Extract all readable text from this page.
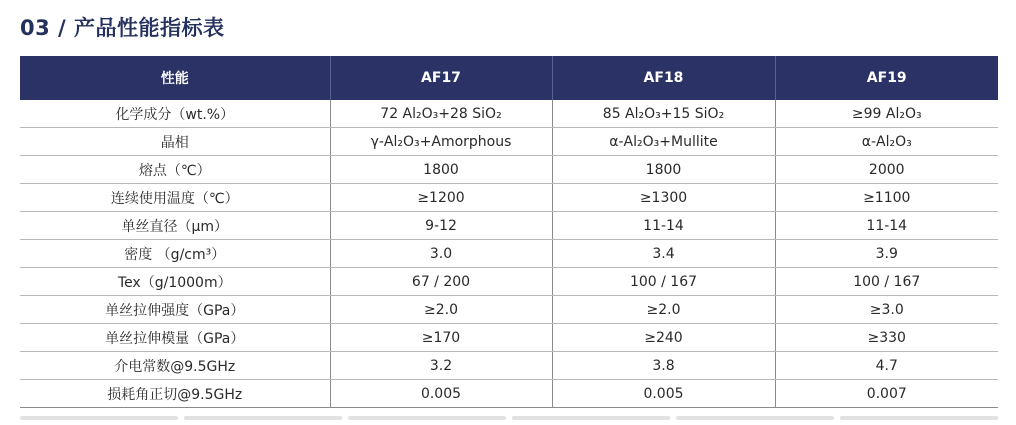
03 / 产品性能指标表
性能	AF17	AF18	AF19
化学成分（wt.%）	72 Al₂O₃+28 SiO₂	85 Al₂O₃+15 SiO₂	≥99 Al₂O₃
晶相	γ-Al₂O₃+Amorphous	α-Al₂O₃+Mullite	α-Al₂O₃
熔点（℃）	1800	1800	2000
连续使用温度（℃）	≥1200	≥1300	≥1100
单丝直径（μm）	9-12	11-14	11-14
密度 （g/cm³）	3.0	3.4	3.9
Tex（g/1000m）	67 / 200	100 / 167	100 / 167
单丝拉伸强度（GPa）	≥2.0	≥2.0	≥3.0
单丝拉伸模量（GPa）	≥170	≥240	≥330
介电常数@9.5GHz	3.2	3.8	4.7
损耗角正切@9.5GHz	0.005	0.005	0.007
